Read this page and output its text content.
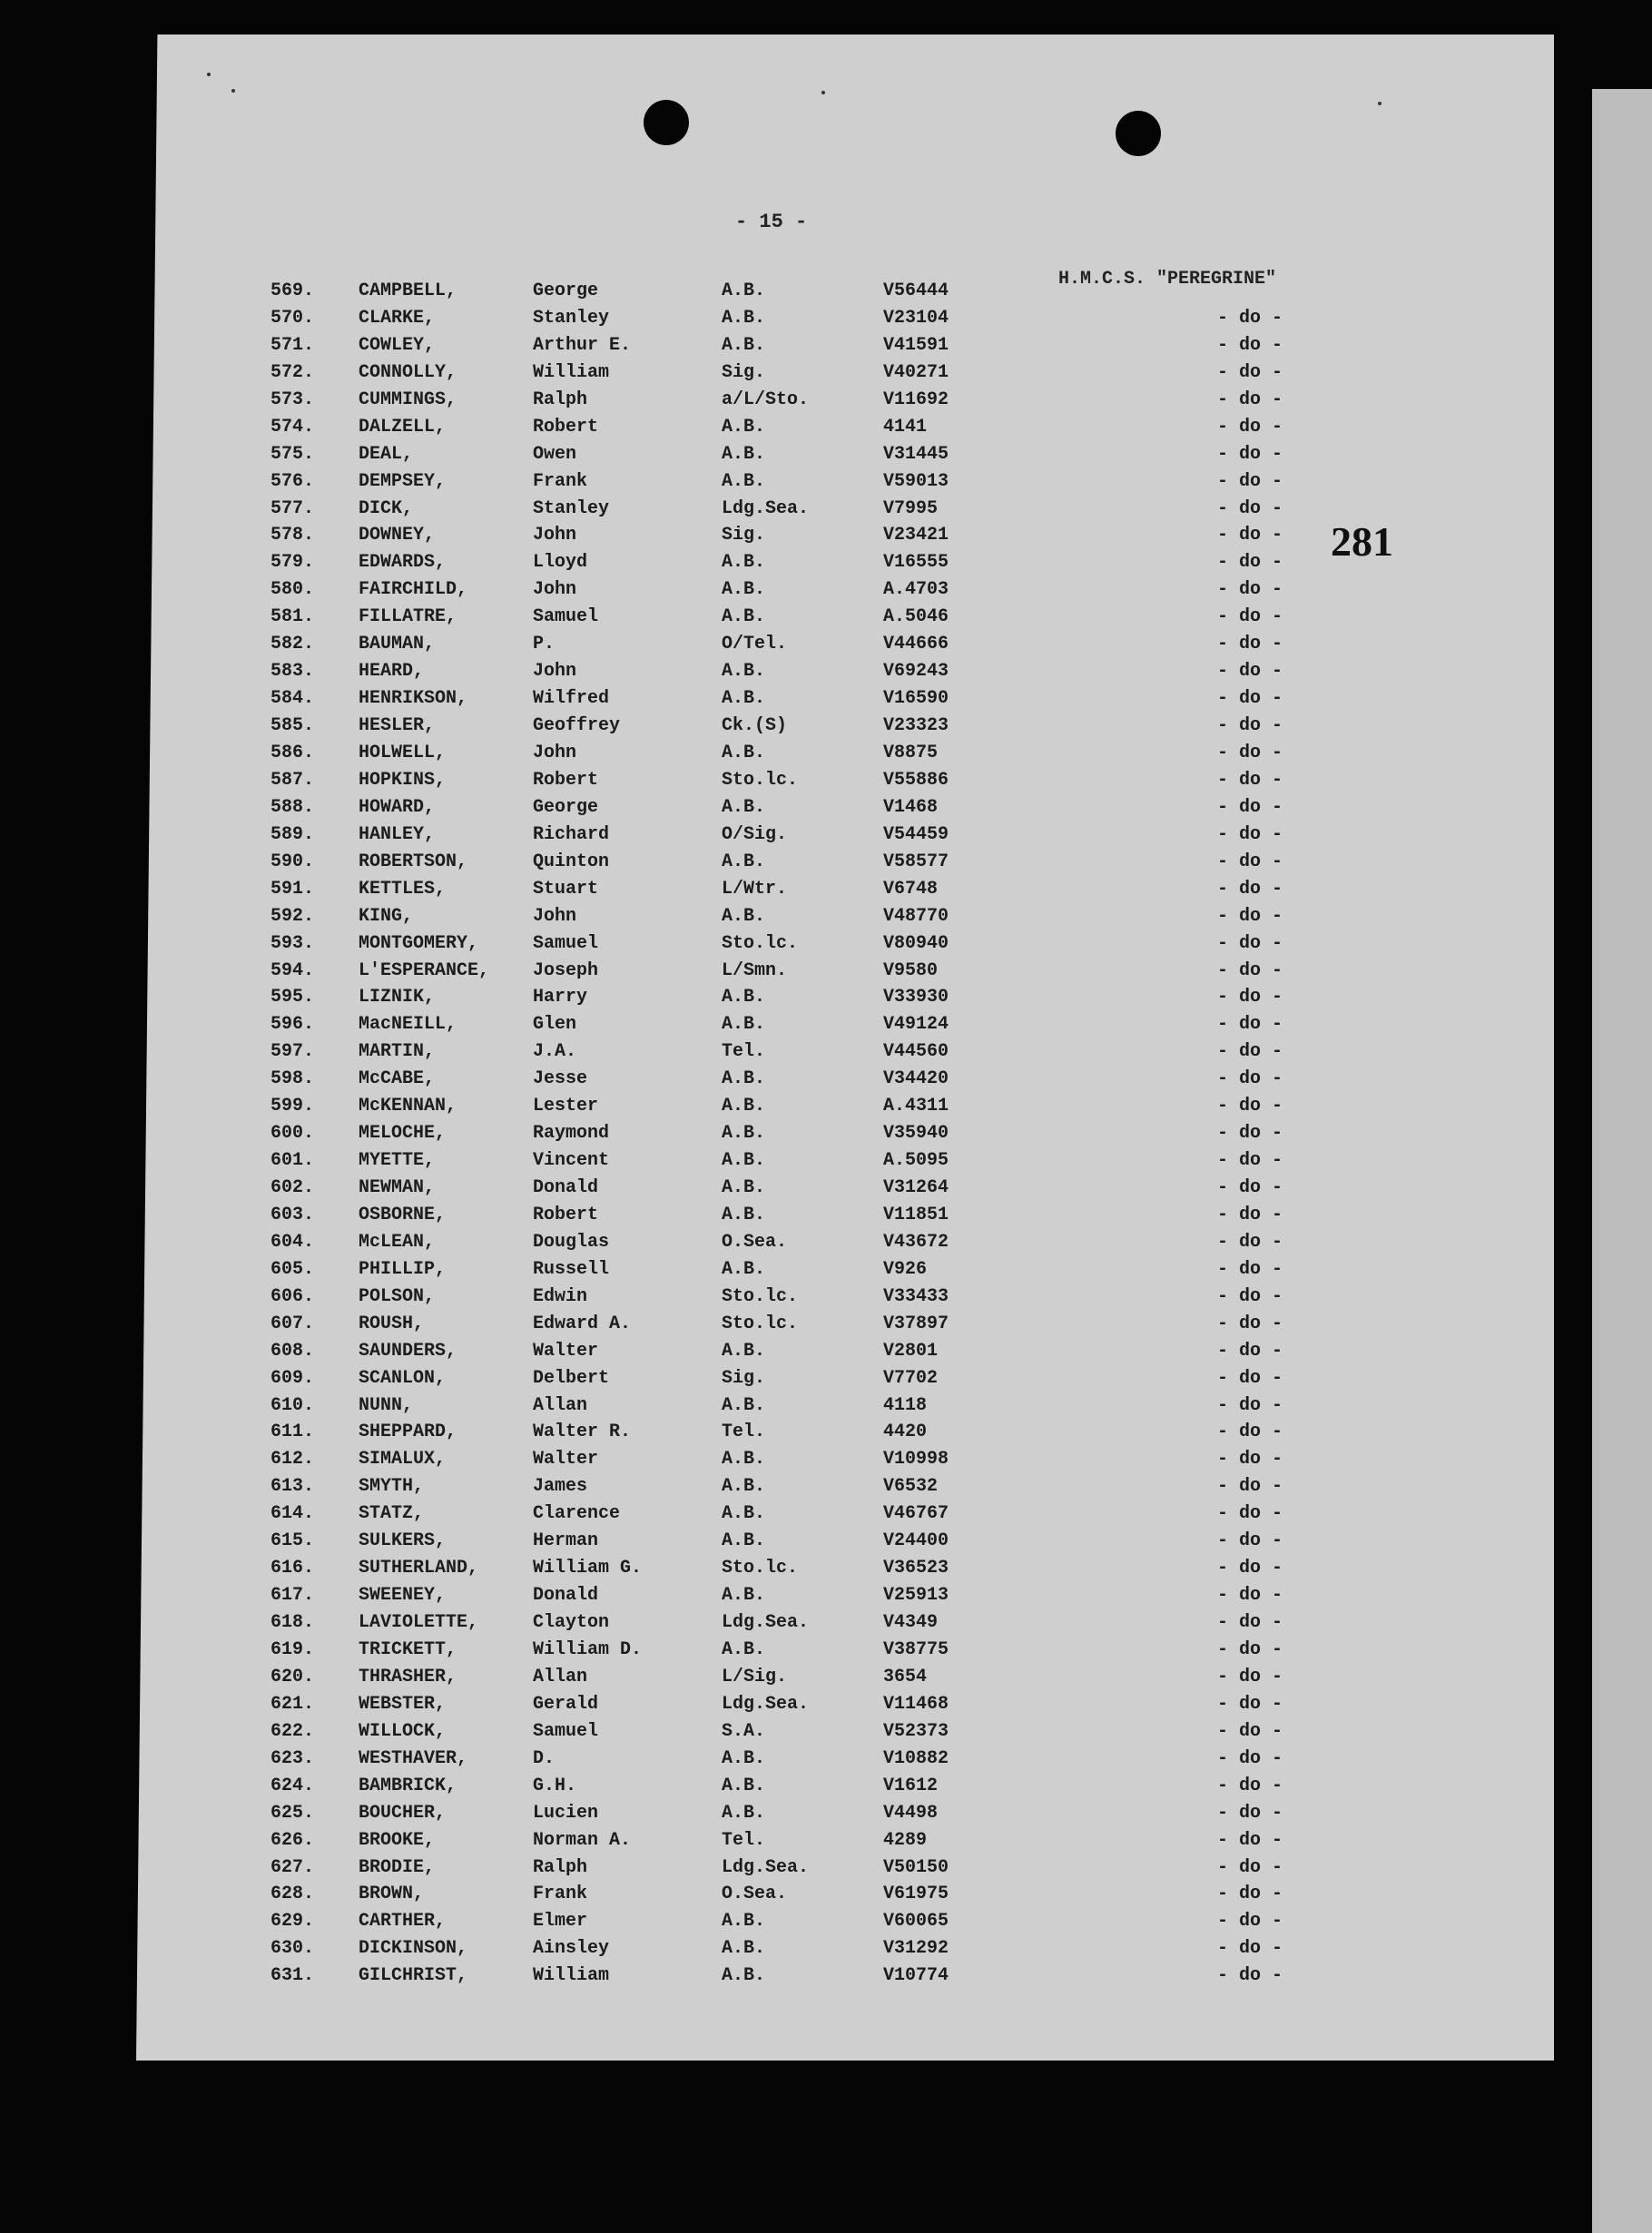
- 15 -
281
H.M.C.S. "PEREGRINE"
569. CAMPBELL,	George	A.B.	V56444
570. CLARKE,	Stanley	A.B.	V23104	- do -
571. COWLEY,	Arthur E.	A.B.	V41591	- do -
572. CONNOLLY,	William	Sig.	V40271	- do -
573. CUMMINGS,	Ralph	a/L/Sto.	V11692	- do -
574. DALZELL,	Robert	A.B.	4141	- do -
575. DEAL,	Owen	A.B.	V31445	- do -
576. DEMPSEY,	Frank	A.B.	V59013	- do -
577. DICK,	Stanley	Ldg.Sea.	V7995	- do -
578. DOWNEY,	John	Sig.	V23421	- do -
579. EDWARDS,	Lloyd	A.B.	V16555	- do -
580. FAIRCHILD,	John	A.B.	A.4703	- do -
581. FILLATRE,	Samuel	A.B.	A.5046	- do -
582. BAUMAN,	P.	O/Tel.	V44666	- do -
583. HEARD,	John	A.B.	V69243	- do -
584. HENRIKSON,	Wilfred	A.B.	V16590	- do -
585. HESLER,	Geoffrey	Ck.(S)	V23323	- do -
586. HOLWELL,	John	A.B.	V8875	- do -
587. HOPKINS,	Robert	Sto.lc.	V55886	- do -
588. HOWARD,	George	A.B.	V1468	- do -
589. HANLEY,	Richard	O/Sig.	V54459	- do -
590. ROBERTSON,	Quinton	A.B.	V58577	- do -
591. KETTLES,	Stuart	L/Wtr.	V6748	- do -
592. KING,	John	A.B.	V48770	- do -
593. MONTGOMERY,	Samuel	Sto.lc.	V80940	- do -
594. L'ESPERANCE, Joseph	L/Smn.	V9580	- do -
595. LIZNIK,	Harry	A.B.	V33930	- do -
596. MacNEILL,	Glen	A.B.	V49124	- do -
597. MARTIN,	J.A.	Tel.	V44560	- do -
598. McCABE,	Jesse	A.B.	V34420	- do -
599. McKENNAN,	Lester	A.B.	A.4311	- do -
600. MELOCHE,	Raymond	A.B.	V35940	- do -
601. MYETTE,	Vincent	A.B.	A.5095	- do -
602. NEWMAN,	Donald	A.B.	V31264	- do -
603. OSBORNE,	Robert	A.B.	V11851	- do -
604. McLEAN,	Douglas	O.Sea.	V43672	- do -
605. PHILLIP,	Russell	A.B.	V926	- do -
606. POLSON,	Edwin	Sto.lc.	V33433	- do -
607. ROUSH,	Edward A.	Sto.lc.	V37897	- do -
608. SAUNDERS,	Walter	A.B.	V2801	- do -
609. SCANLON,	Delbert	Sig.	V7702	- do -
610. NUNN,	Allan	A.B.	4118	- do -
611. SHEPPARD,	Walter R.	Tel.	4420	- do -
612. SIMALUX,	Walter	A.B.	V10998	- do -
613. SMYTH,	James	A.B.	V6532	- do -
614. STATZ,	Clarence	A.B.	V46767	- do -
615. SULKERS,	Herman	A.B.	V24400	- do -
616. SUTHERLAND,	William G.	Sto.lc.	V36523	- do -
617. SWEENEY,	Donald	A.B.	V25913	- do -
618. LAVIOLETTE,	Clayton	Ldg.Sea.	V4349	- do -
619. TRICKETT,	William D.	A.B.	V38775	- do -
620. THRASHER,	Allan	L/Sig.	3654	- do -
621. WEBSTER,	Gerald	Ldg.Sea.	V11468	- do -
622. WILLOCK,	Samuel	S.A.	V52373	- do -
623. WESTHAVER,	D.	A.B.	V10882	- do -
624. BAMBRICK,	G.H.	A.B.	V1612	- do -
625. BOUCHER,	Lucien	A.B.	V4498	- do -
626. BROOKE,	Norman A.	Tel.	4289	- do -
627. BRODIE,	Ralph	Ldg.Sea.	V50150	- do -
628. BROWN,	Frank	O.Sea.	V61975	- do -
629. CARTHER,	Elmer	A.B.	V60065	- do -
630. DICKINSON,	Ainsley	A.B.	V31292	- do -
631. GILCHRIST,	William	A.B.	V10774	- do -
